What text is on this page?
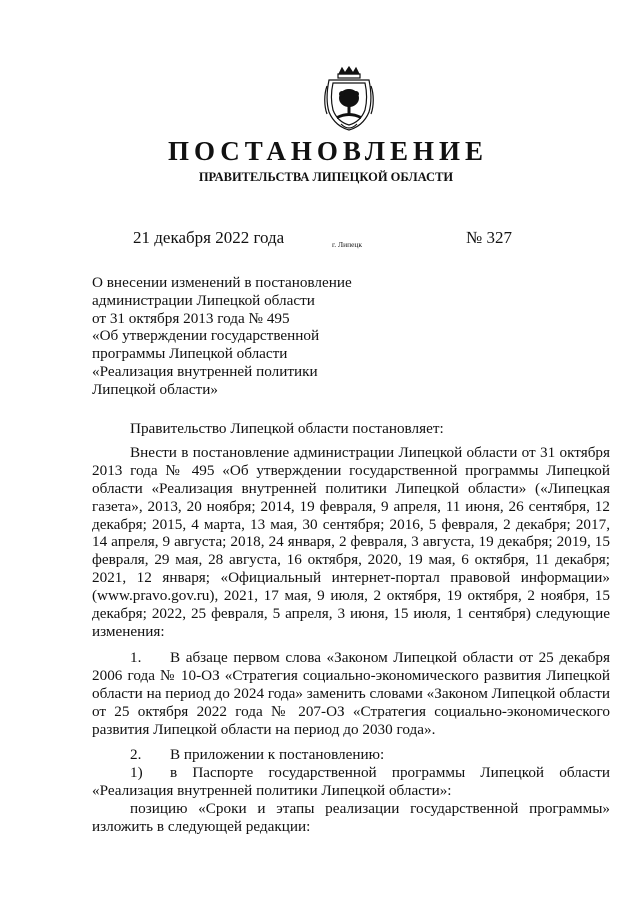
ПОСТАНОВЛЕНИЕ
ПРАВИТЕЛЬСТВА ЛИПЕЦКОЙ ОБЛАСТИ
21 декабря 2022 года	г. Липецк	№ 327
О внесении изменений в постановление
администрации Липецкой области
от 31 октября 2013 года № 495
«Об утверждении государственной
программы Липецкой области
«Реализация внутренней политики
Липецкой области»

Правительство Липецкой области постановляет:

Внести в постановление администрации Липецкой области от 31 октября 2013 года № 495 «Об утверждении государственной программы Липецкой области «Реализация внутренней политики Липецкой области» («Липецкая газета», 2013, 20 ноября; 2014, 19 февраля, 9 апреля, 11 июня, 26 сентября, 12 декабря; 2015, 4 марта, 13 мая, 30 сентября; 2016, 5 февраля, 2 декабря; 2017, 14 апреля, 9 августа; 2018, 24 января, 2 февраля, 3 августа, 19 декабря; 2019, 15 февраля, 29 мая, 28 августа, 16 октября, 2020, 19 мая, 6 октября, 11 декабря; 2021, 12 января; «Официальный интернет-портал правовой информации» (www.pravo.gov.ru), 2021, 17 мая, 9 июля, 2 октября, 19 октября, 2 ноября, 15 декабря; 2022, 25 февраля, 5 апреля, 3 июня, 15 июля, 1 сентября) следующие изменения:

1. В абзаце первом слова «Законом Липецкой области от 25 декабря 2006 года № 10-ОЗ «Стратегия социально-экономического развития Липецкой области на период до 2024 года» заменить словами «Законом Липецкой области от 25 октября 2022 года № 207-ОЗ «Стратегия социально-экономического развития Липецкой области на период до 2030 года».

2. В приложении к постановлению:

1) в Паспорте государственной программы Липецкой области «Реализация внутренней политики Липецкой области»:

позицию «Сроки и этапы реализации государственной программы» изложить в следующей редакции:
